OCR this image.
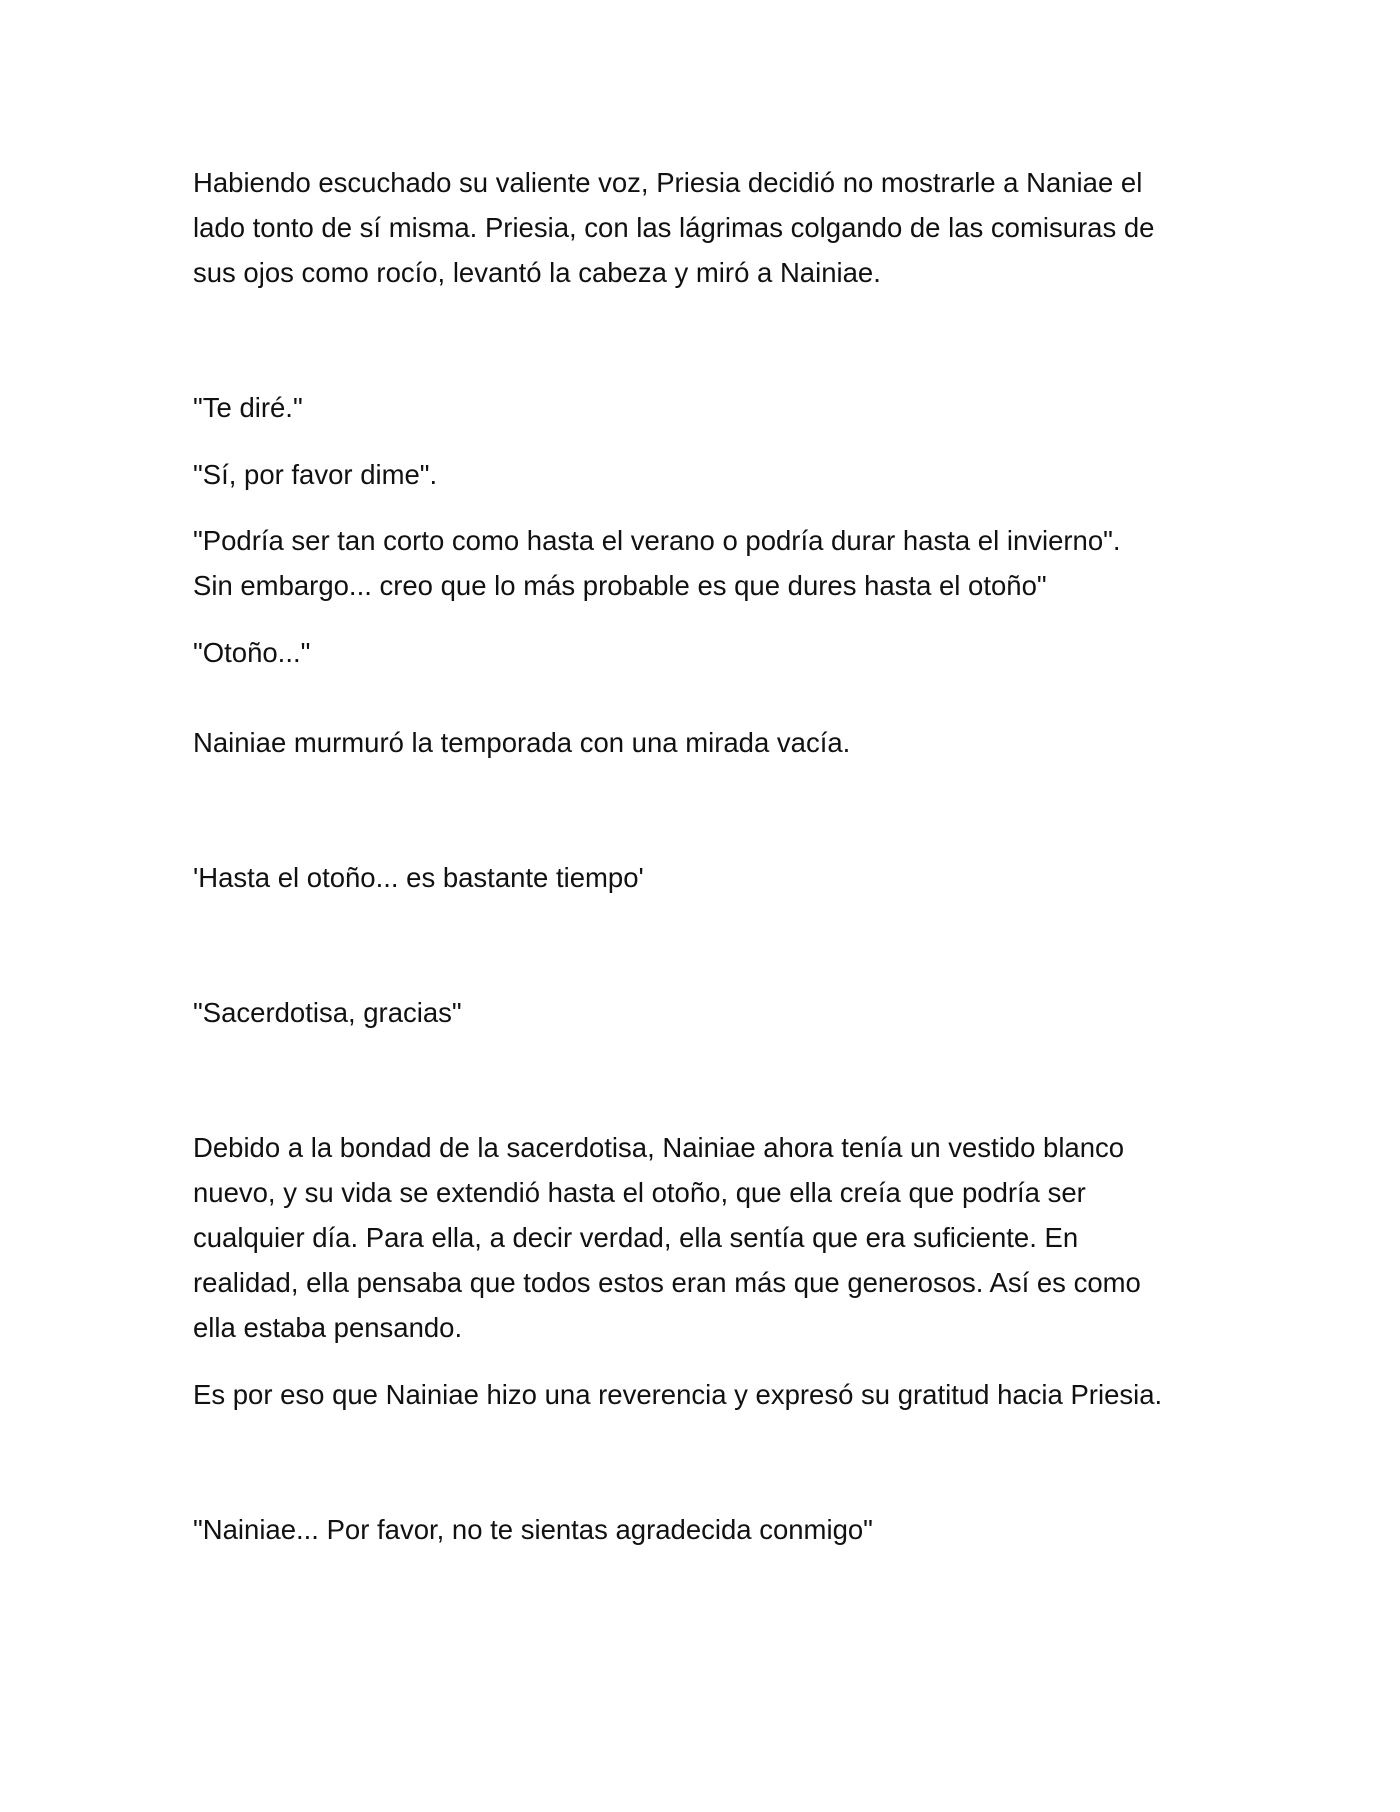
Habiendo escuchado su valiente voz, Priesia decidió no mostrarle a Naniae el
lado tonto de sí misma. Priesia, con las lágrimas colgando de las comisuras de
sus ojos como rocío, levantó la cabeza y miró a Nainiae.

"Te diré."

"Sí, por favor dime".

"Podría ser tan corto como hasta el verano o podría durar hasta el invierno".
Sin embargo... creo que lo más probable es que dures hasta el otoño"

"Otoño..."

Nainiae murmuró la temporada con una mirada vacía.

'Hasta el otoño... es bastante tiempo'

"Sacerdotisa, gracias"

Debido a la bondad de la sacerdotisa, Nainiae ahora tenía un vestido blanco
nuevo, y su vida se extendió hasta el otoño, que ella creía que podría ser
cualquier día. Para ella, a decir verdad, ella sentía que era suficiente. En
realidad, ella pensaba que todos estos eran más que generosos. Así es como
ella estaba pensando.

Es por eso que Nainiae hizo una reverencia y expresó su gratitud hacia Priesia.

"Nainiae... Por favor, no te sientas agradecida conmigo"
